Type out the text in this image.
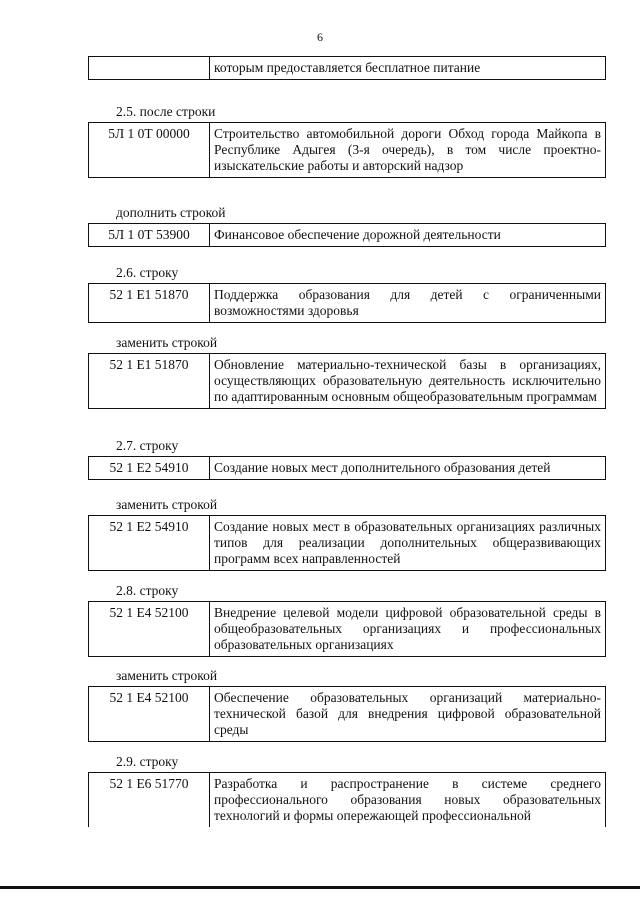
6
	которым предоставляется бесплатное питание
2.5. после строки
5Л 1 0Т 00000	Строительство автомобильной дороги Обход города Майкопа в Республике Адыгея (3-я очередь), в том числе проектно-изыскательские работы и авторский надзор
дополнить строкой
5Л 1 0Т 53900	Финансовое обеспечение дорожной деятельности
2.6. строку
52 1 Е1 51870	Поддержка образования для детей с ограниченными возможностями здоровья
заменить строкой
52 1 Е1 51870	Обновление материально-технической базы в организациях, осуществляющих образовательную деятельность исключительно по адаптированным основным общеобразовательным программам
2.7. строку
52 1 Е2 54910	Создание новых мест дополнительного образования детей
заменить строкой
52 1 Е2 54910	Создание новых мест в образовательных организациях различных типов для реализации дополнительных общеразвивающих программ всех направленностей
2.8. строку
52 1 Е4 52100	Внедрение целевой модели цифровой образовательной среды в общеобразовательных организациях и профессиональных образовательных организациях
заменить строкой
52 1 Е4 52100	Обеспечение образовательных организаций материально-технической базой для внедрения цифровой образовательной среды
2.9. строку
52 1 Е6 51770	Разработка и распространение в системе среднего профессионального образования новых образовательных технологий и формы опережающей профессиональной
